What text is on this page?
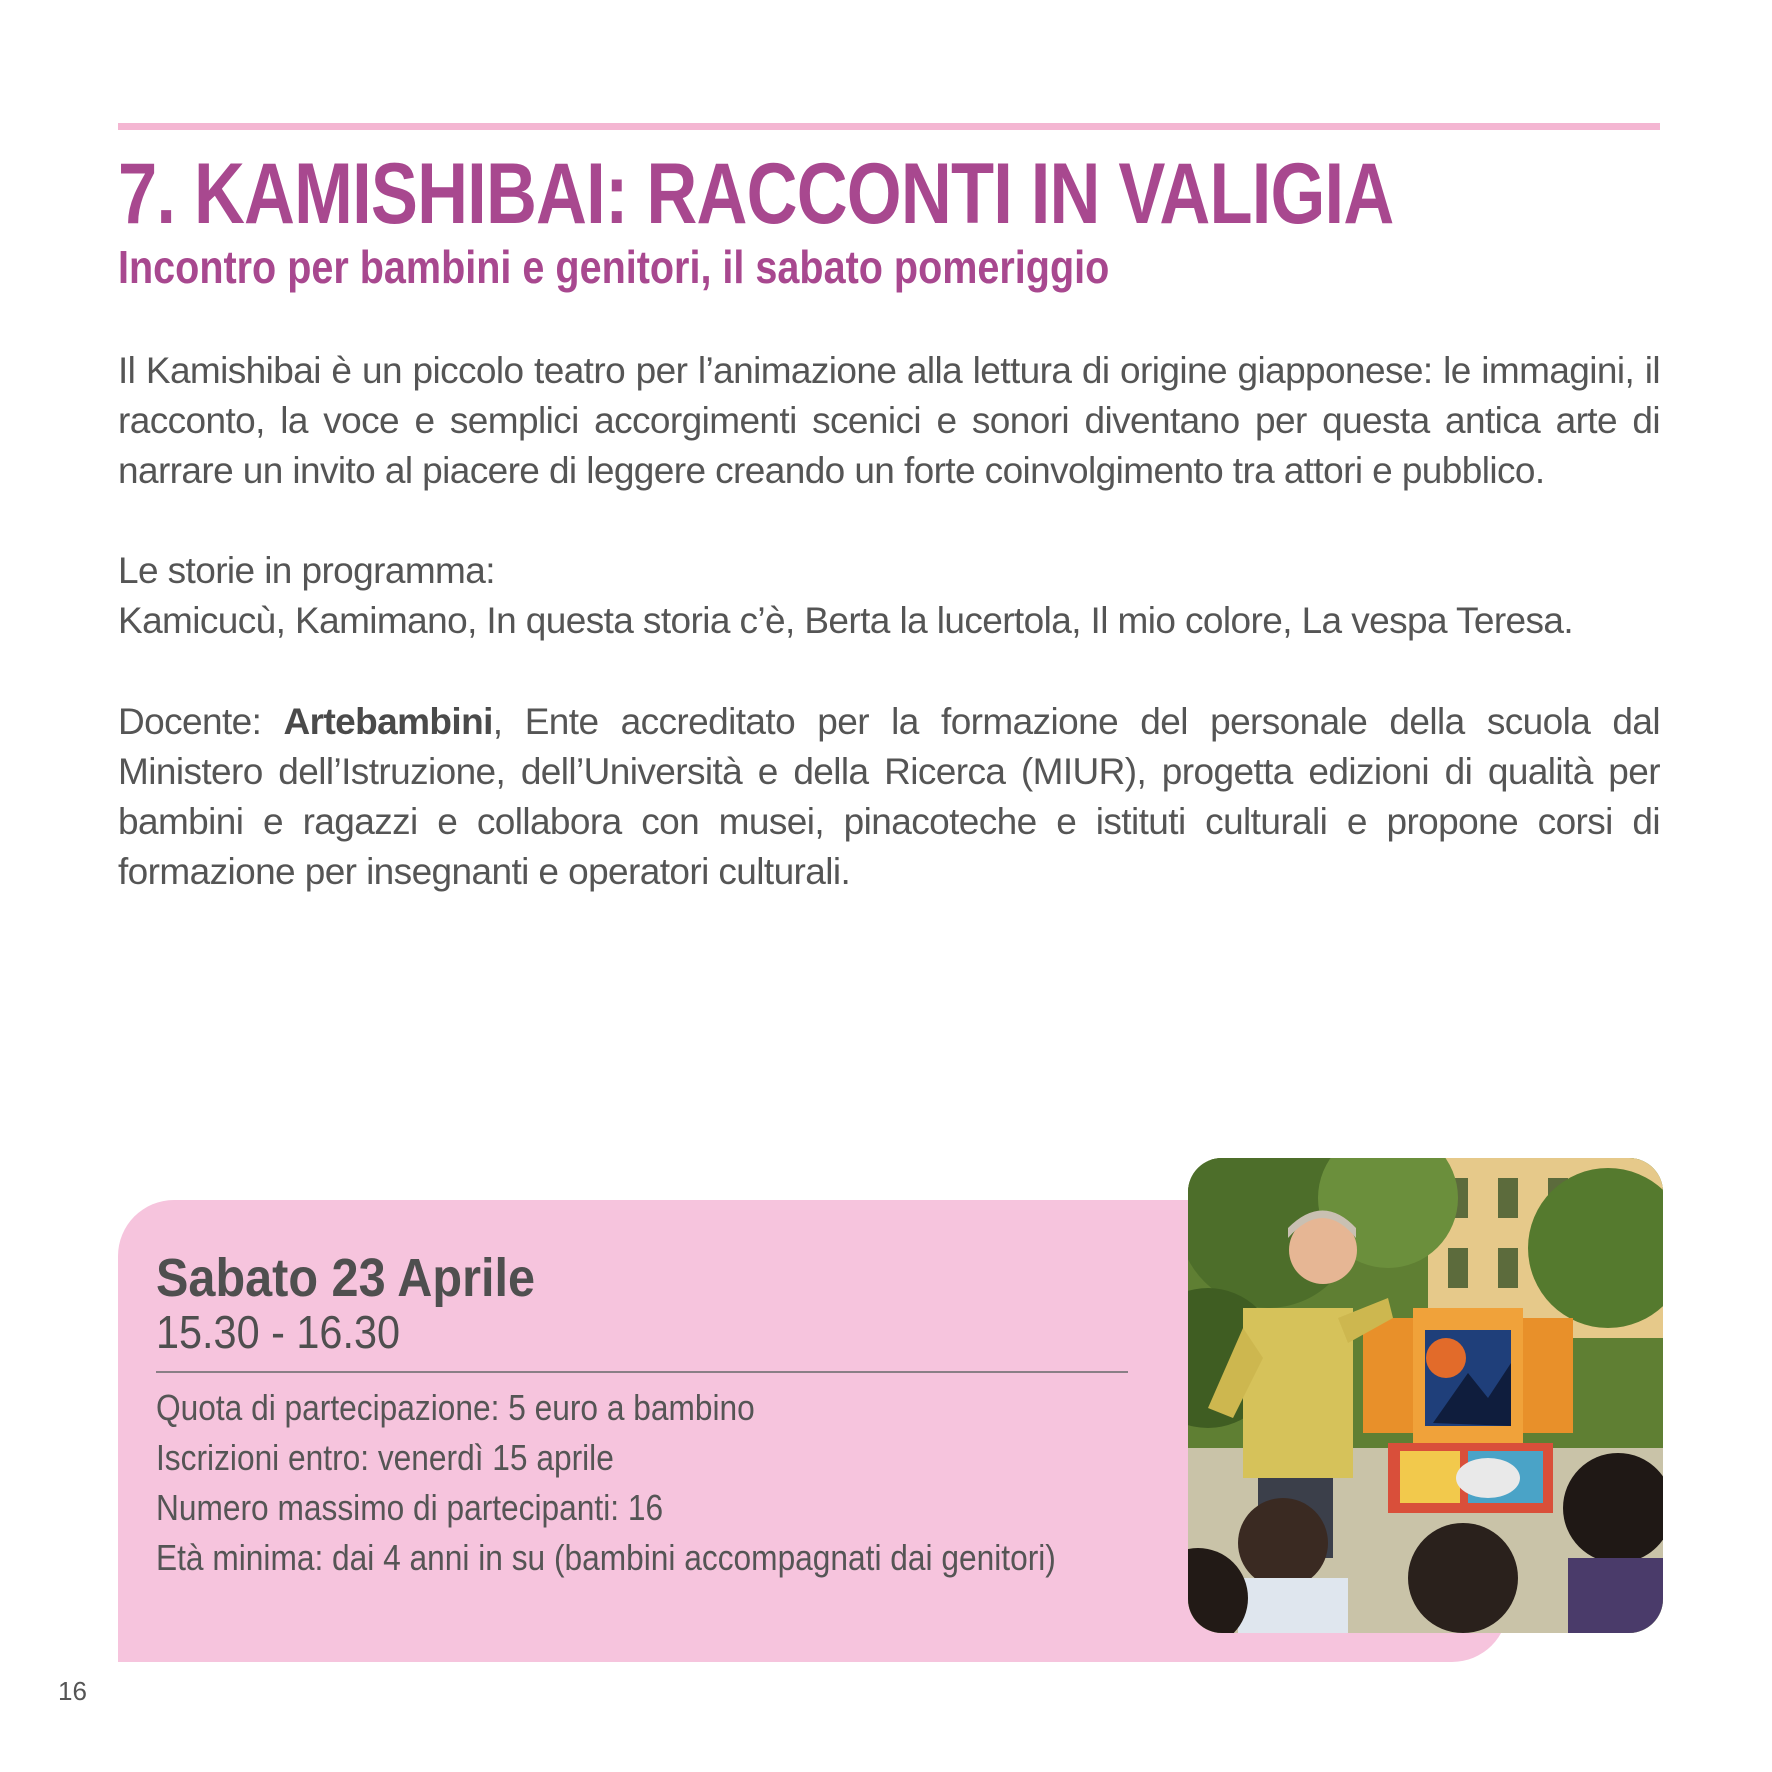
7. KAMISHIBAI: RACCONTI IN VALIGIA
Incontro per bambini e genitori, il sabato pomeriggio

Il Kamishibai è un piccolo teatro per l’animazione alla lettura di origine giapponese: le immagini, il racconto, la voce e semplici accorgimenti scenici e sonori diventano per questa antica arte di narrare un invito al piacere di leggere creando un forte coinvolgimento tra attori e pubblico.

Le storie in programma:
Kamicucù, Kamimano, In questa storia c’è, Berta la lucertola, Il mio colore, La vespa Teresa.

Docente: Artebambini, Ente accreditato per la formazione del personale della scuola dal Ministero dell’Istruzione, dell’Università e della Ricerca (MIUR), progetta edizioni di qualità per bambini e ragazzi e collabora con musei, pinacoteche e istituti culturali e propone corsi di formazione per insegnanti e operatori culturali.

Sabato 23 Aprile
15.30 - 16.30
Quota di partecipazione: 5 euro a bambino
Iscrizioni entro: venerdì 15 aprile
Numero massimo di partecipanti: 16
Età minima: dai 4 anni in su (bambini accompagnati dai genitori)
16
